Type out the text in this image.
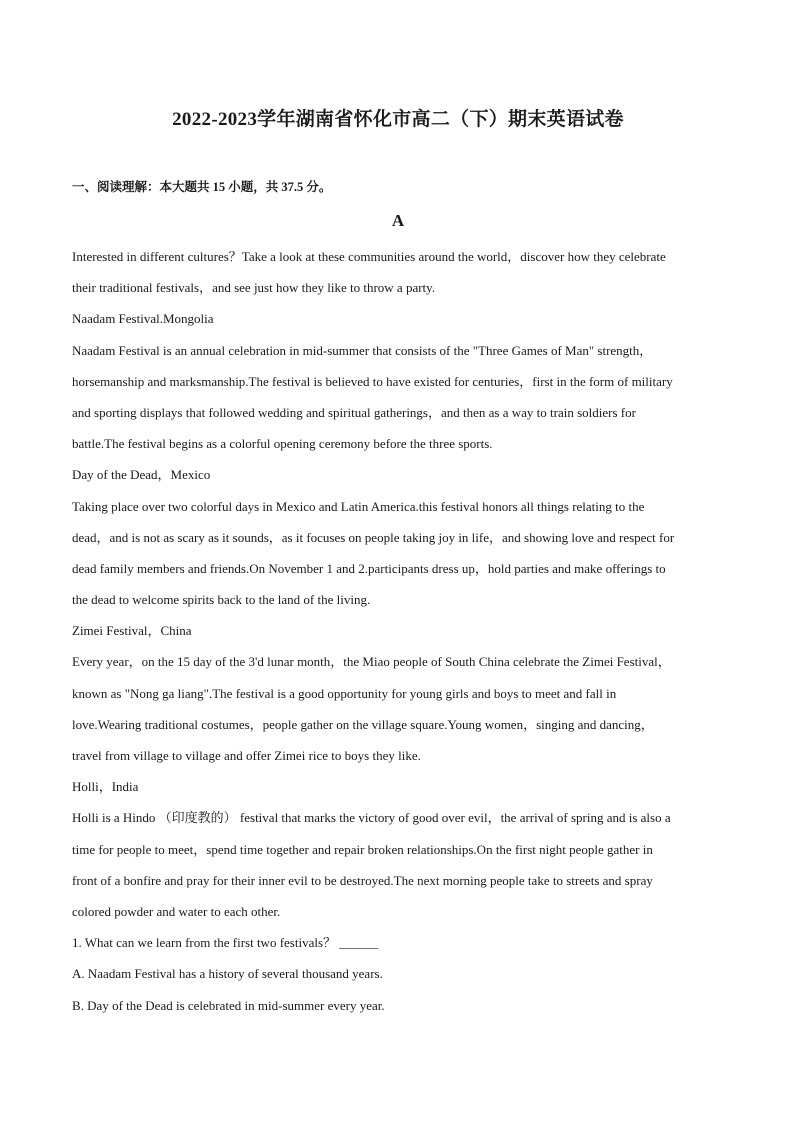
2022-2023学年湖南省怀化市高二（下）期末英语试卷
一、阅读理解：本大题共 15 小题，共 37.5 分。
A
Interested in different cultures？Take a look at these communities around the world，discover how they celebrate
their traditional festivals，and see just how they like to throw a party.
Naadam Festival.Mongolia
Naadam Festival is an annual celebration in mid-summer that consists of the "Three Games of Man" strength，
horsemanship and marksmanship.The festival is believed to have existed for centuries，first in the form of military
and sporting displays that followed wedding and spiritual gatherings，and then as a way to train soldiers for
battle.The festival begins as a colorful opening ceremony before the three sports.
Day of the Dead，Mexico
Taking place over two colorful days in Mexico and Latin America.this festival honors all things relating to the
dead，and is not as scary as it sounds，as it focuses on people taking joy in life，and showing love and respect for
dead family members and friends.On November 1 and 2.participants dress up，hold parties and make offerings to
the dead to welcome spirits back to the land of the living.
Zimei Festival，China
Every year，on the 15 day of the 3'd lunar month，the Miao people of South China celebrate the Zimei Festival，
known as "Nong ga liang".The festival is a good opportunity for young girls and boys to meet and fall in
love.Wearing traditional costumes，people gather on the village square.Young women，singing and dancing，
travel from village to village and offer Zimei rice to boys they like.
Holli，India
Holli is a Hindo （印度教的） festival that marks the victory of good over evil，the arrival of spring and is also a
time for people to meet，spend time together and repair broken relationships.On the first night people gather in
front of a bonfire and pray for their inner evil to be destroyed.The next morning people take to streets and spray
colored powder and water to each other.
1. What can we learn from the first two festivals？ ______
A. Naadam Festival has a history of several thousand years.
B. Day of the Dead is celebrated in mid-summer every year.
